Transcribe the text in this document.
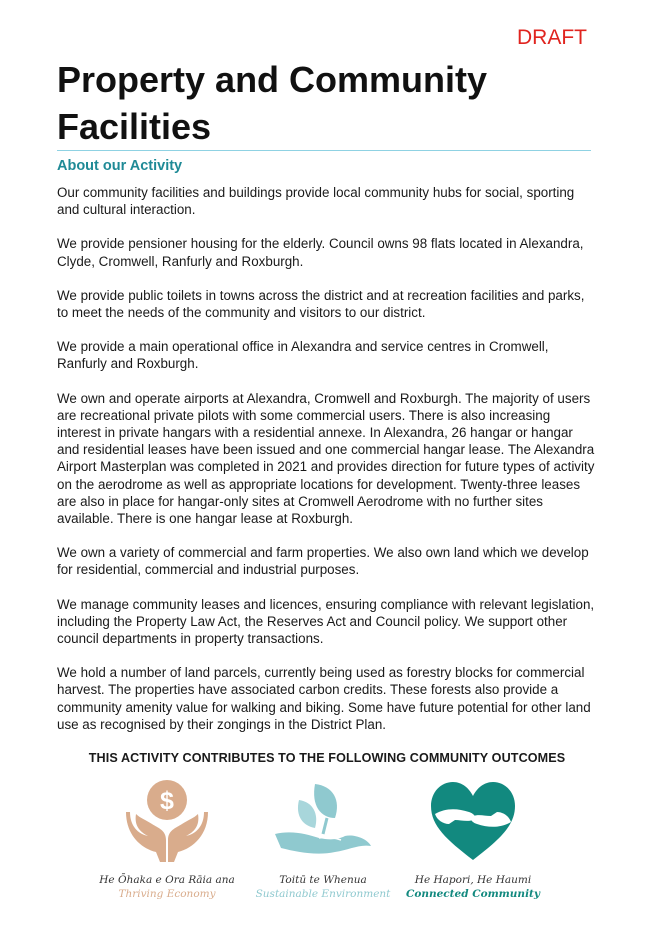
DRAFT
Property and Community Facilities
About our Activity

Our community facilities and buildings provide local community hubs for social, sporting and cultural interaction.

We provide pensioner housing for the elderly. Council owns 98 flats located in Alexandra, Clyde, Cromwell, Ranfurly and Roxburgh.

We provide public toilets in towns across the district and at recreation facilities and parks, to meet the needs of the community and visitors to our district.

We provide a main operational office in Alexandra and service centres in Cromwell, Ranfurly and Roxburgh.

We own and operate airports at Alexandra, Cromwell and Roxburgh. The majority of users are recreational private pilots with some commercial users. There is also increasing interest in private hangars with a residential annexe. In Alexandra, 26 hangar or hangar and residential leases have been issued and one commercial hangar lease. The Alexandra Airport Masterplan was completed in 2021 and provides direction for future types of activity on the aerodrome as well as appropriate locations for development. Twenty-three leases are also in place for hangar-only sites at Cromwell Aerodrome with no further sites available. There is one hangar lease at Roxburgh.

We own a variety of commercial and farm properties. We also own land which we develop for residential, commercial and industrial purposes.

We manage community leases and licences, ensuring compliance with relevant legislation, including the Property Law Act, the Reserves Act and Council policy. We support other council departments in property transactions.

We hold a number of land parcels, currently being used as forestry blocks for commercial harvest. The properties have associated carbon credits. These forests also provide a community amenity value for walking and biking. Some have future potential for other land use as recognised by their zongings in the District Plan.

THIS ACTIVITY CONTRIBUTES TO THE FOLLOWING COMMUNITY OUTCOMES
$
He Ōhaka e Ora Rāia ana
Thriving Economy
Toitū te Whenua
Sustainable Environment
He Hapori, He Haumi
Connected Community
